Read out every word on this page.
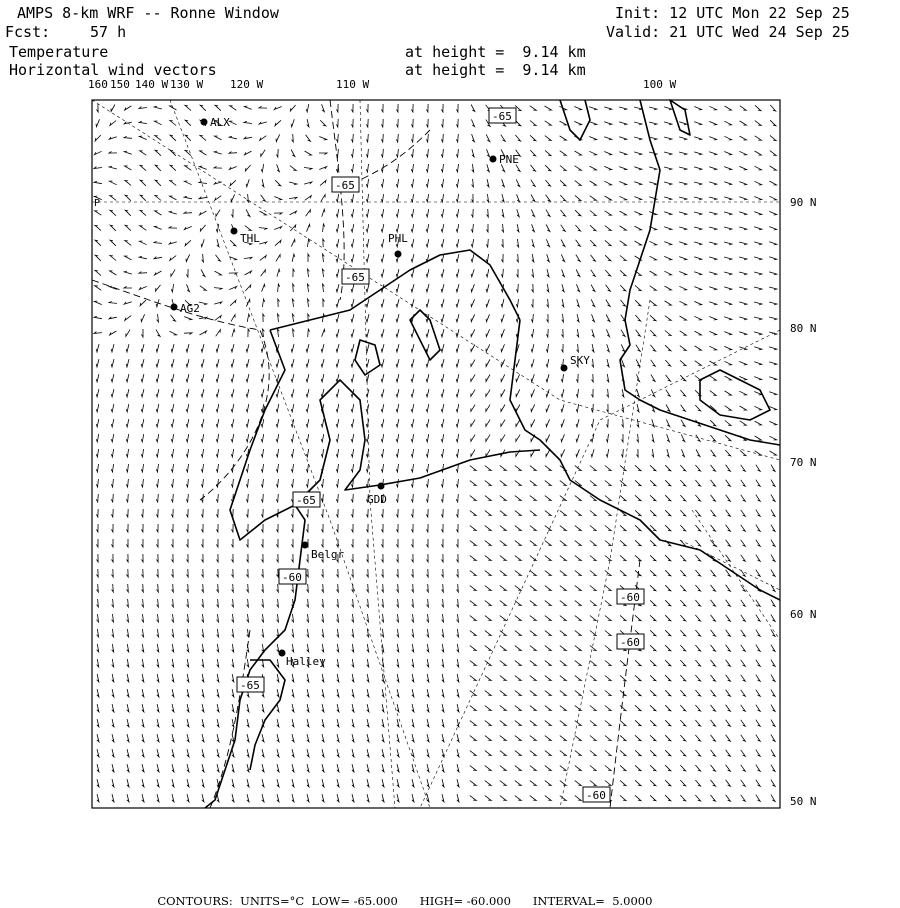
AMPS 8-km WRF -- Ronne Window
Fcst:	57 h
Init: 12 UTC Mon 22 Sep 25
Valid: 21 UTC Wed 24 Sep 25
Temperature
Horizontal wind vectors
at height =  9.14 km
at height =  9.14 km
160 150 140 W 130 W 120 W	110 W	100 W
90 N
80 N
70 N
60 N
50 N
ALX
PNE
THL	PHL
AG2
SKY
GDD
Belgr
Halley
-65
-65
-65
-65
-60
-60
-60
-65
-60
P

CONTOURS: UNITS=°C LOW= -65.000 HIGH= -60.000 INTERVAL=  5.0000
